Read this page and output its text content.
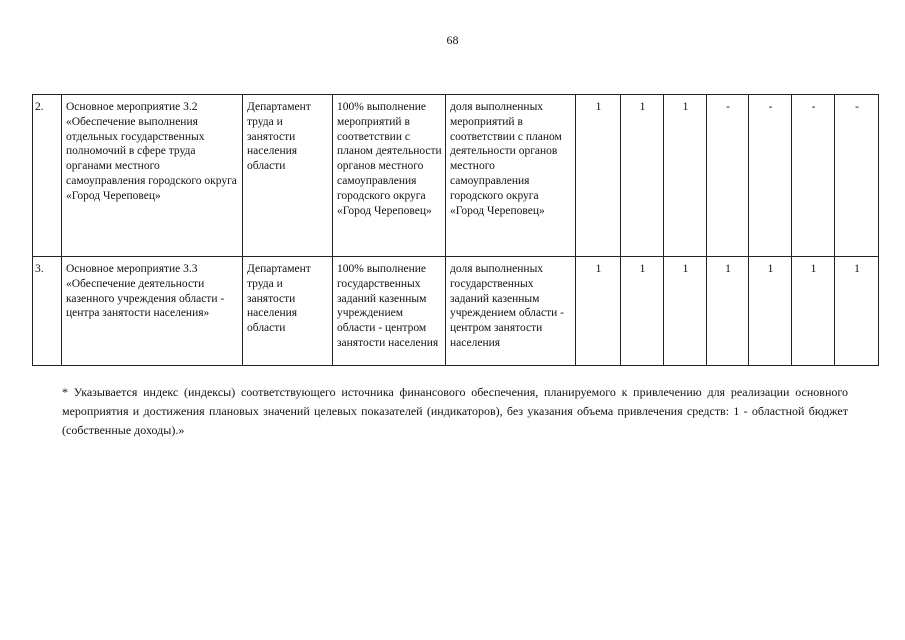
68
2.	Основное мероприятие 3.2 «Обеспечение выполнения отдельных государственных полномочий в сфере труда органами местного самоуправления городского округа «Город Череповец»	Департамент труда и занятости населения области	100% выполнение мероприятий в соответствии с планом деятельности органов местного самоуправления городского округа «Город Череповец»	доля выполненных мероприятий в соответствии с планом деятельности органов местного самоуправления городского округа «Город Череповец»	1	1	1	-	-	-	-
3.	Основное мероприятие 3.3 «Обеспечение деятельности казенного учреждения области - центра занятости населения»	Департамент труда и занятости населения области	100% выполнение государственных заданий казенным учреждением области - центром занятости населения	доля выполненных государственных заданий казенным учреждением области - центром занятости населения	1	1	1	1	1	1	1
* Указывается индекс (индексы) соответствующего источника финансового обеспечения, планируемого к привлечению для реализации основного мероприятия и достижения плановых значений целевых показателей (индикаторов), без указания объема привлечения средств: 1 - областной бюджет (собственные доходы).»
